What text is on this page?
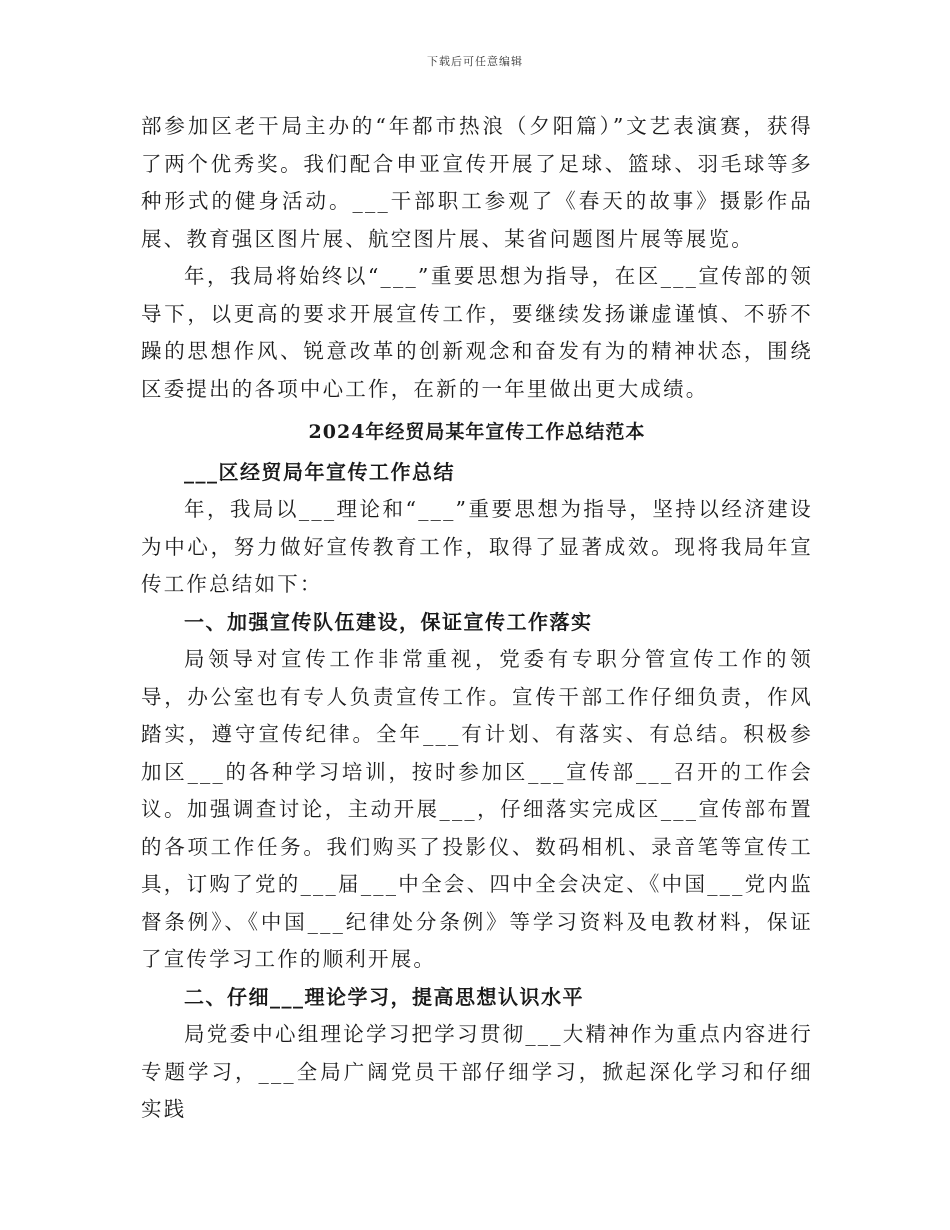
下载后可任意编辑

部参加区老干局主办的“年都市热浪（夕阳篇）”文艺表演赛，获得了两个优秀奖。我们配合申亚宣传开展了足球、篮球、羽毛球等多种形式的健身活动。___干部职工参观了《春天的故事》摄影作品展、教育强区图片展、航空图片展、某省问题图片展等展览。

年，我局将始终以“___”重要思想为指导，在区___宣传部的领导下，以更高的要求开展宣传工作，要继续发扬谦虚谨慎、不骄不躁的思想作风、锐意改革的创新观念和奋发有为的精神状态，围绕区委提出的各项中心工作，在新的一年里做出更大成绩。

2024年经贸局某年宣传工作总结范本

___区经贸局年宣传工作总结

年，我局以___理论和“___”重要思想为指导，坚持以经济建设为中心，努力做好宣传教育工作，取得了显著成效。现将我局年宣传工作总结如下：

一、加强宣传队伍建设，保证宣传工作落实

局领导对宣传工作非常重视，党委有专职分管宣传工作的领导，办公室也有专人负责宣传工作。宣传干部工作仔细负责，作风踏实，遵守宣传纪律。全年___有计划、有落实、有总结。积极参加区___的各种学习培训，按时参加区___宣传部___召开的工作会议。加强调查讨论，主动开展___，仔细落实完成区___宣传部布置的各项工作任务。我们购买了投影仪、数码相机、录音笔等宣传工具，订购了党的___届___中全会、四中全会决定、《中国___党内监督条例》、《中国___纪律处分条例》等学习资料及电教材料，保证了宣传学习工作的顺利开展。

二、仔细___理论学习，提高思想认识水平

局党委中心组理论学习把学习贯彻___大精神作为重点内容进行专题学习，___全局广阔党员干部仔细学习，掀起深化学习和仔细实践
